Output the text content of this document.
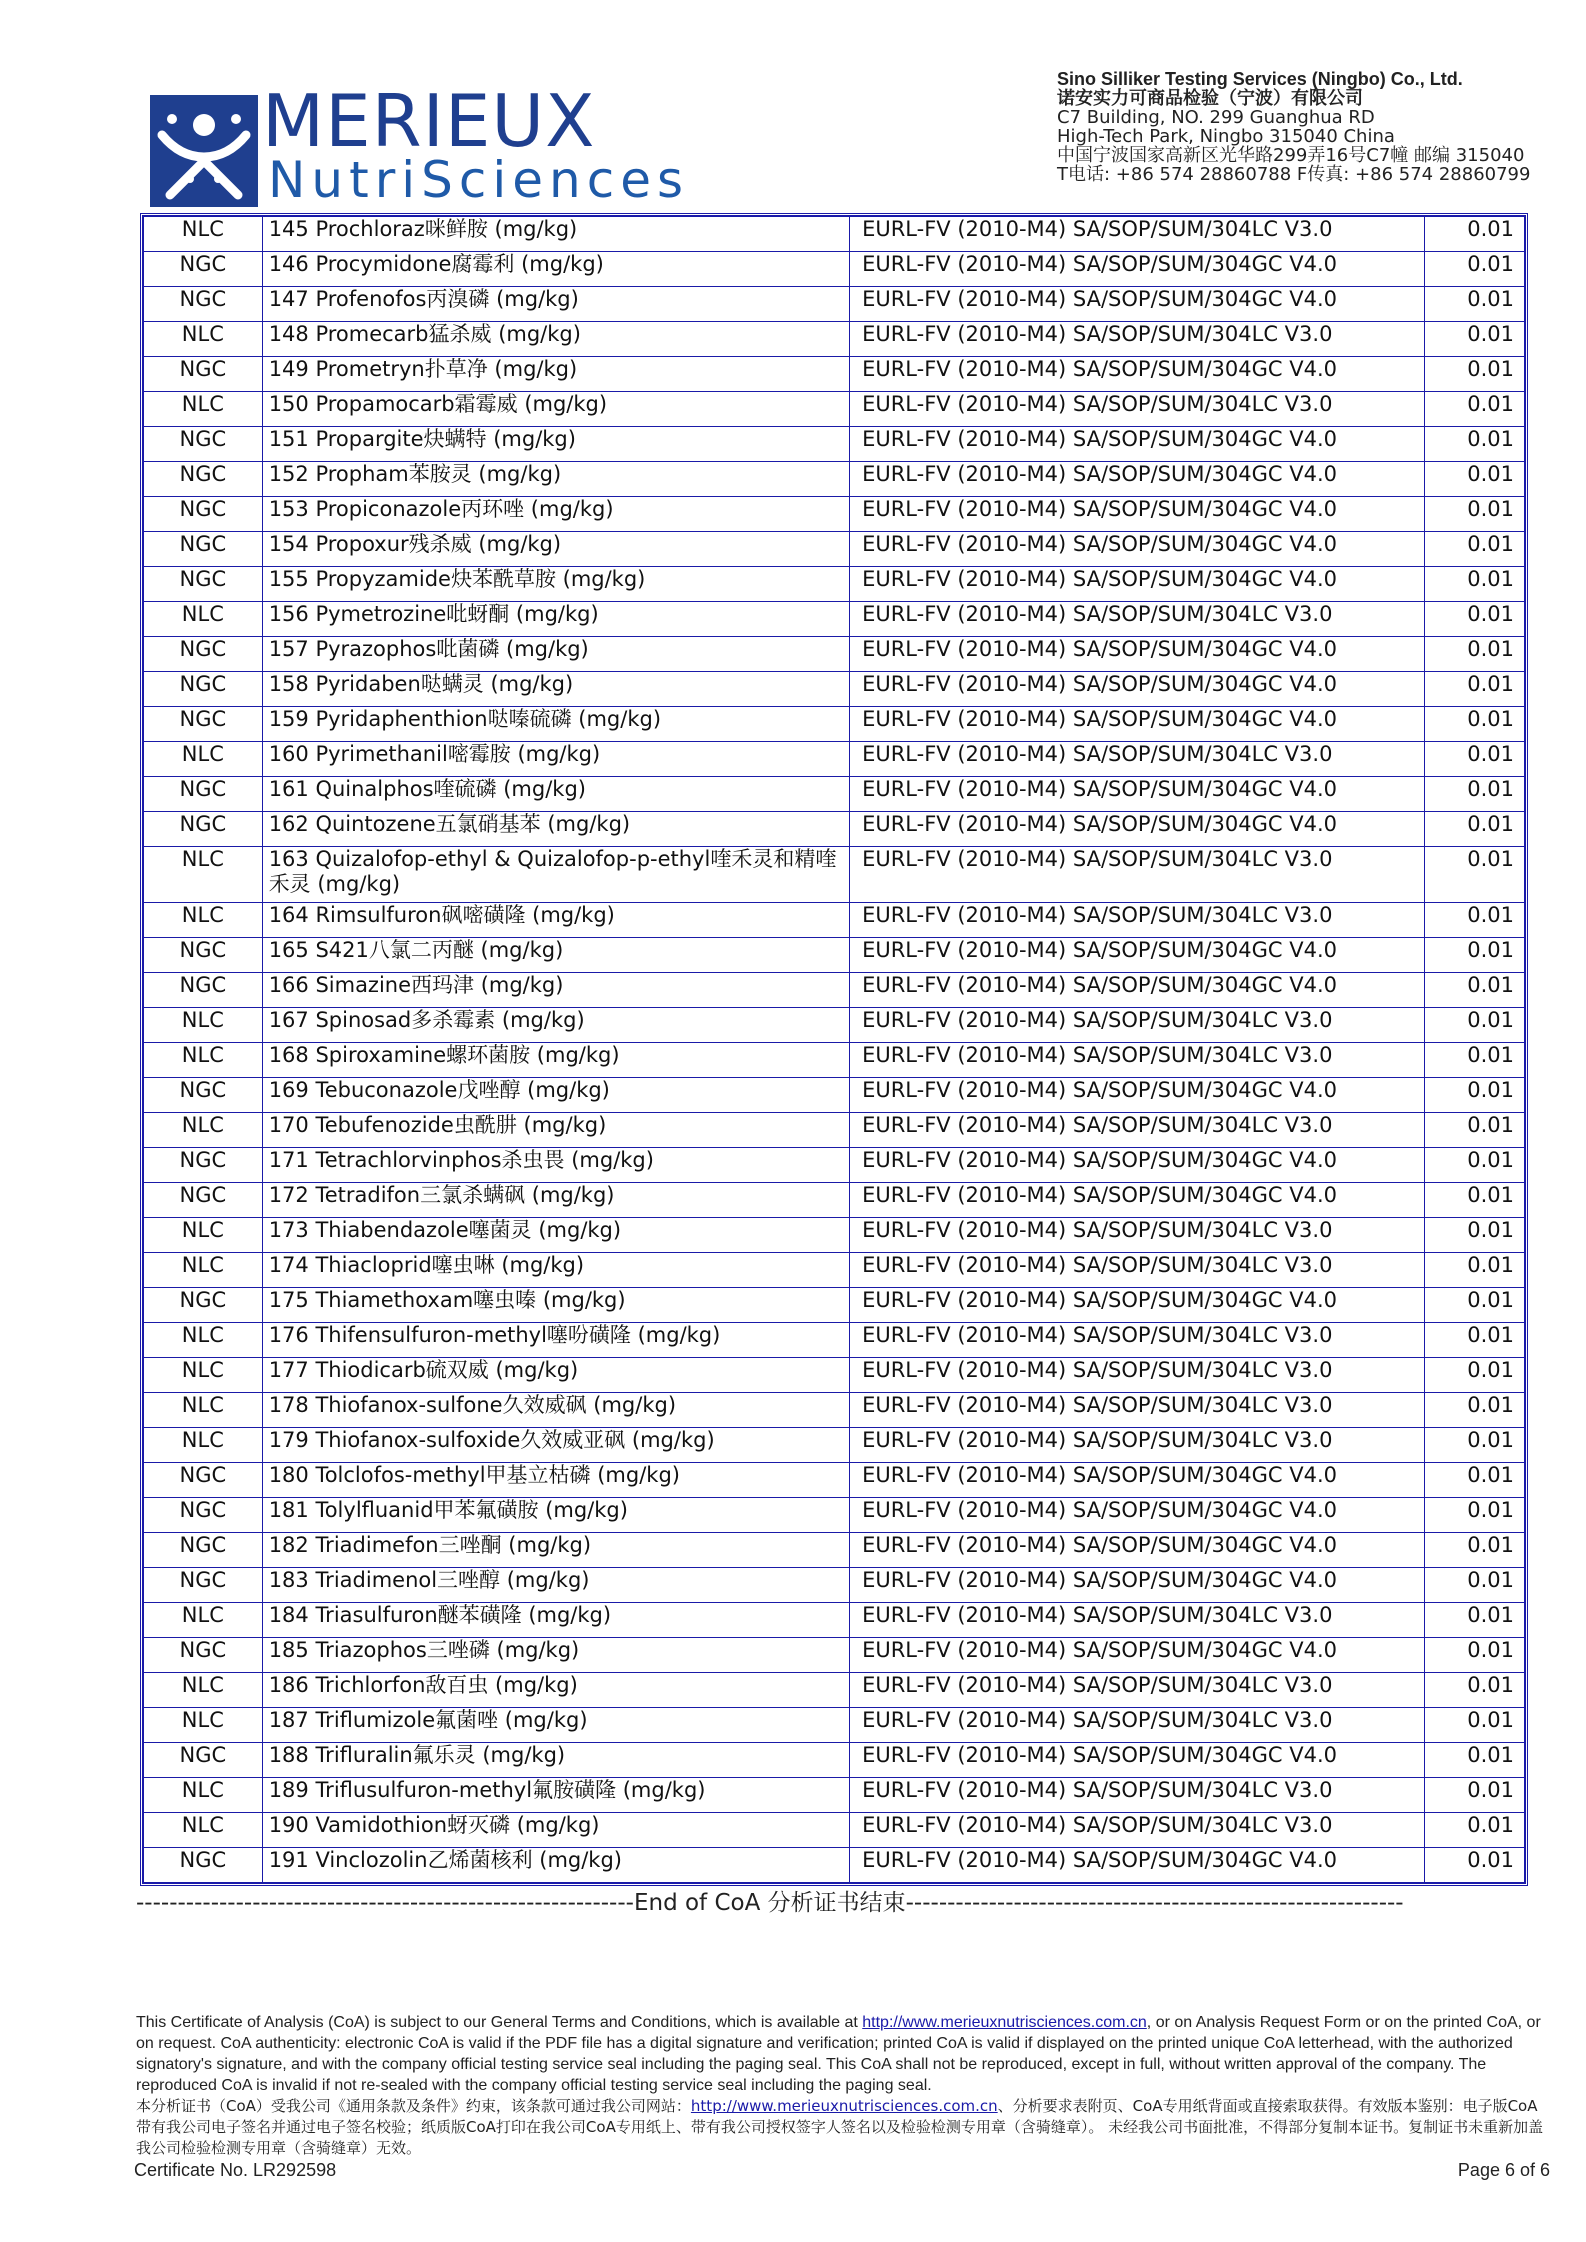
MERIEUX
NutriSciences
Sino Silliker Testing Services (Ningbo) Co., Ltd.
诺安实力可商品检验（宁波）有限公司
C7 Building, NO. 299 Guanghua RD
High-Tech Park, Ningbo 315040 China
中国宁波国家高新区光华路299弄16号C7幢 邮编 315040
T电话: +86 574 28860788 F传真: +86 574 28860799
NLC	145 Prochloraz咪鲜胺 (mg/kg)	EURL-FV (2010-M4) SA/SOP/SUM/304LC V3.0	0.01
NGC	146 Procymidone腐霉利 (mg/kg)	EURL-FV (2010-M4) SA/SOP/SUM/304GC V4.0	0.01
NGC	147 Profenofos丙溴磷 (mg/kg)	EURL-FV (2010-M4) SA/SOP/SUM/304GC V4.0	0.01
NLC	148 Promecarb猛杀威 (mg/kg)	EURL-FV (2010-M4) SA/SOP/SUM/304LC V3.0	0.01
NGC	149 Prometryn扑草净 (mg/kg)	EURL-FV (2010-M4) SA/SOP/SUM/304GC V4.0	0.01
NLC	150 Propamocarb霜霉威 (mg/kg)	EURL-FV (2010-M4) SA/SOP/SUM/304LC V3.0	0.01
NGC	151 Propargite炔螨特 (mg/kg)	EURL-FV (2010-M4) SA/SOP/SUM/304GC V4.0	0.01
NGC	152 Propham苯胺灵 (mg/kg)	EURL-FV (2010-M4) SA/SOP/SUM/304GC V4.0	0.01
NGC	153 Propiconazole丙环唑 (mg/kg)	EURL-FV (2010-M4) SA/SOP/SUM/304GC V4.0	0.01
NGC	154 Propoxur残杀威 (mg/kg)	EURL-FV (2010-M4) SA/SOP/SUM/304GC V4.0	0.01
NGC	155 Propyzamide炔苯酰草胺 (mg/kg)	EURL-FV (2010-M4) SA/SOP/SUM/304GC V4.0	0.01
NLC	156 Pymetrozine吡蚜酮 (mg/kg)	EURL-FV (2010-M4) SA/SOP/SUM/304LC V3.0	0.01
NGC	157 Pyrazophos吡菌磷 (mg/kg)	EURL-FV (2010-M4) SA/SOP/SUM/304GC V4.0	0.01
NGC	158 Pyridaben哒螨灵 (mg/kg)	EURL-FV (2010-M4) SA/SOP/SUM/304GC V4.0	0.01
NGC	159 Pyridaphenthion哒嗪硫磷 (mg/kg)	EURL-FV (2010-M4) SA/SOP/SUM/304GC V4.0	0.01
NLC	160 Pyrimethanil嘧霉胺 (mg/kg)	EURL-FV (2010-M4) SA/SOP/SUM/304LC V3.0	0.01
NGC	161 Quinalphos喹硫磷 (mg/kg)	EURL-FV (2010-M4) SA/SOP/SUM/304GC V4.0	0.01
NGC	162 Quintozene五氯硝基苯 (mg/kg)	EURL-FV (2010-M4) SA/SOP/SUM/304GC V4.0	0.01
NLC	163 Quizalofop-ethyl & Quizalofop-p-ethyl喹禾灵和精喹禾灵 (mg/kg)	EURL-FV (2010-M4) SA/SOP/SUM/304LC V3.0	0.01
NLC	164 Rimsulfuron砜嘧磺隆 (mg/kg)	EURL-FV (2010-M4) SA/SOP/SUM/304LC V3.0	0.01
NGC	165 S421八氯二丙醚 (mg/kg)	EURL-FV (2010-M4) SA/SOP/SUM/304GC V4.0	0.01
NGC	166 Simazine西玛津 (mg/kg)	EURL-FV (2010-M4) SA/SOP/SUM/304GC V4.0	0.01
NLC	167 Spinosad多杀霉素 (mg/kg)	EURL-FV (2010-M4) SA/SOP/SUM/304LC V3.0	0.01
NLC	168 Spiroxamine螺环菌胺 (mg/kg)	EURL-FV (2010-M4) SA/SOP/SUM/304LC V3.0	0.01
NGC	169 Tebuconazole戊唑醇 (mg/kg)	EURL-FV (2010-M4) SA/SOP/SUM/304GC V4.0	0.01
NLC	170 Tebufenozide虫酰肼 (mg/kg)	EURL-FV (2010-M4) SA/SOP/SUM/304LC V3.0	0.01
NGC	171 Tetrachlorvinphos杀虫畏 (mg/kg)	EURL-FV (2010-M4) SA/SOP/SUM/304GC V4.0	0.01
NGC	172 Tetradifon三氯杀螨砜 (mg/kg)	EURL-FV (2010-M4) SA/SOP/SUM/304GC V4.0	0.01
NLC	173 Thiabendazole噻菌灵 (mg/kg)	EURL-FV (2010-M4) SA/SOP/SUM/304LC V3.0	0.01
NLC	174 Thiacloprid噻虫啉 (mg/kg)	EURL-FV (2010-M4) SA/SOP/SUM/304LC V3.0	0.01
NGC	175 Thiamethoxam噻虫嗪 (mg/kg)	EURL-FV (2010-M4) SA/SOP/SUM/304GC V4.0	0.01
NLC	176 Thifensulfuron-methyl噻吩磺隆 (mg/kg)	EURL-FV (2010-M4) SA/SOP/SUM/304LC V3.0	0.01
NLC	177 Thiodicarb硫双威 (mg/kg)	EURL-FV (2010-M4) SA/SOP/SUM/304LC V3.0	0.01
NLC	178 Thiofanox-sulfone久效威砜 (mg/kg)	EURL-FV (2010-M4) SA/SOP/SUM/304LC V3.0	0.01
NLC	179 Thiofanox-sulfoxide久效威亚砜 (mg/kg)	EURL-FV (2010-M4) SA/SOP/SUM/304LC V3.0	0.01
NGC	180 Tolclofos-methyl甲基立枯磷 (mg/kg)	EURL-FV (2010-M4) SA/SOP/SUM/304GC V4.0	0.01
NGC	181 Tolylfluanid甲苯氟磺胺 (mg/kg)	EURL-FV (2010-M4) SA/SOP/SUM/304GC V4.0	0.01
NGC	182 Triadimefon三唑酮 (mg/kg)	EURL-FV (2010-M4) SA/SOP/SUM/304GC V4.0	0.01
NGC	183 Triadimenol三唑醇 (mg/kg)	EURL-FV (2010-M4) SA/SOP/SUM/304GC V4.0	0.01
NLC	184 Triasulfuron醚苯磺隆 (mg/kg)	EURL-FV (2010-M4) SA/SOP/SUM/304LC V3.0	0.01
NGC	185 Triazophos三唑磷 (mg/kg)	EURL-FV (2010-M4) SA/SOP/SUM/304GC V4.0	0.01
NLC	186 Trichlorfon敌百虫 (mg/kg)	EURL-FV (2010-M4) SA/SOP/SUM/304LC V3.0	0.01
NLC	187 Triflumizole氟菌唑 (mg/kg)	EURL-FV (2010-M4) SA/SOP/SUM/304LC V3.0	0.01
NGC	188 Trifluralin氟乐灵 (mg/kg)	EURL-FV (2010-M4) SA/SOP/SUM/304GC V4.0	0.01
NLC	189 Triflusulfuron-methyl氟胺磺隆 (mg/kg)	EURL-FV (2010-M4) SA/SOP/SUM/304LC V3.0	0.01
NLC	190 Vamidothion蚜灭磷 (mg/kg)	EURL-FV (2010-M4) SA/SOP/SUM/304LC V3.0	0.01
NGC	191 Vinclozolin乙烯菌核利 (mg/kg)	EURL-FV (2010-M4) SA/SOP/SUM/304GC V4.0	0.01
------------------------------------------------------------End of CoA 分析证书结束------------------------------------------------------------
This Certificate of Analysis (CoA) is subject to our General Terms and Conditions, which is available at http://www.merieuxnutrisciences.com.cn, or on Analysis Request Form or on the printed CoA, or on request. CoA authenticity: electronic CoA is valid if the PDF file has a digital signature and verification; printed CoA is valid if displayed on the printed unique CoA letterhead, with the authorized signatory's signature, and with the company official testing service seal including the paging seal. This CoA shall not be reproduced, except in full, without written approval of the company. The reproduced CoA is invalid if not re-sealed with the company official testing service seal including the paging seal.
本分析证书（CoA）受我公司《通用条款及条件》约束，该条款可通过我公司网站：http://www.merieuxnutrisciences.com.cn、分析要求表附页、CoA专用纸背面或直接索取获得。有效版本鉴别：电子版CoA带有我公司电子签名并通过电子签名校验；纸质版CoA打印在我公司CoA专用纸上、带有我公司授权签字人签名以及检验检测专用章（含骑缝章）。 未经我公司书面批准，不得部分复制本证书。复制证书未重新加盖我公司检验检测专用章（含骑缝章）无效。
Certificate No. LR292598	Page 6 of 6
